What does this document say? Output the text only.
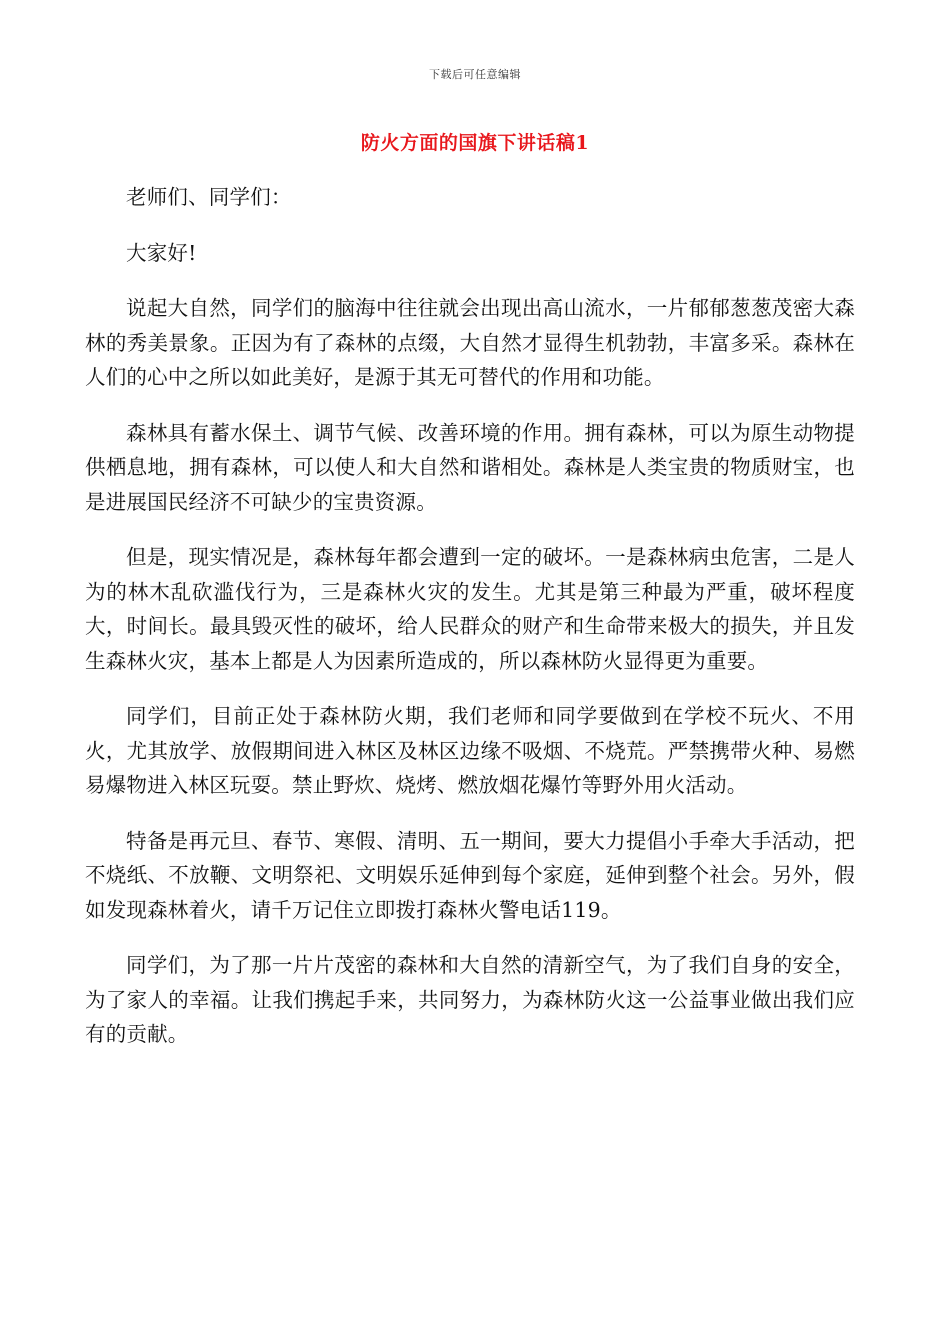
下载后可任意编辑
防火方面的国旗下讲话稿1

老师们、同学们：

大家好!

说起大自然，同学们的脑海中往往就会出现出高山流水，一片郁郁葱葱茂密大森林的秀美景象。正因为有了森林的点缀，大自然才显得生机勃勃，丰富多采。森林在人们的心中之所以如此美好，是源于其无可替代的作用和功能。

森林具有蓄水保土、调节气候、改善环境的作用。拥有森林，可以为原生动物提供栖息地，拥有森林，可以使人和大自然和谐相处。森林是人类宝贵的物质财宝，也是进展国民经济不可缺少的宝贵资源。

但是，现实情况是，森林每年都会遭到一定的破坏。一是森林病虫危害，二是人为的林木乱砍滥伐行为，三是森林火灾的发生。尤其是第三种最为严重，破坏程度大，时间长。最具毁灭性的破坏，给人民群众的财产和生命带来极大的损失，并且发生森林火灾，基本上都是人为因素所造成的，所以森林防火显得更为重要。

同学们，目前正处于森林防火期，我们老师和同学要做到在学校不玩火、不用火，尤其放学、放假期间进入林区及林区边缘不吸烟、不烧荒。严禁携带火种、易燃易爆物进入林区玩耍。禁止野炊、烧烤、燃放烟花爆竹等野外用火活动。

特备是再元旦、春节、寒假、清明、五一期间，要大力提倡小手牵大手活动，把不烧纸、不放鞭、文明祭祀、文明娱乐延伸到每个家庭，延伸到整个社会。另外，假如发现森林着火，请千万记住立即拨打森林火警电话119。

同学们，为了那一片片茂密的森林和大自然的清新空气，为了我们自身的安全，为了家人的幸福。让我们携起手来，共同努力，为森林防火这一公益事业做出我们应有的贡献。
